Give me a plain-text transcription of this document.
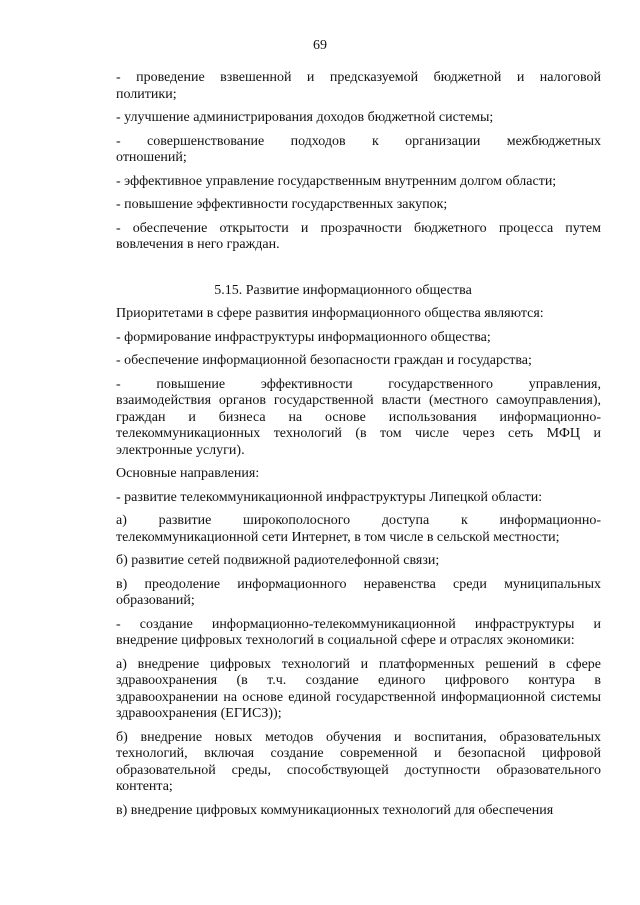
69
- проведение взвешенной и предсказуемой бюджетной и налоговой
политики;
- улучшение администрирования доходов бюджетной системы;
- совершенствование подходов к организации межбюджетных
отношений;
- эффективное управление государственным внутренним долгом области;
- повышение эффективности государственных закупок;
- обеспечение открытости и прозрачности бюджетного процесса путем
вовлечения в него граждан.
5.15. Развитие информационного общества
Приоритетами в сфере развития информационного общества являются:
- формирование инфраструктуры информационного общества;
- обеспечение информационной безопасности граждан и государства;
- повышение эффективности государственного управления,
взаимодействия органов государственной власти (местного самоуправления),
граждан и бизнеса на основе использования информационно-
телекоммуникационных технологий (в том числе через сеть МФЦ и
электронные услуги).
Основные направления:
- развитие телекоммуникационной инфраструктуры Липецкой области:
а) развитие широкополосного доступа к информационно-
телекоммуникационной сети Интернет, в том числе в сельской местности;
б) развитие сетей подвижной радиотелефонной связи;
в) преодоление информационного неравенства среди муниципальных
образований;
- создание информационно-телекоммуникационной инфраструктуры и
внедрение цифровых технологий в социальной сфере и отраслях экономики:
а) внедрение цифровых технологий и платформенных решений в сфере
здравоохранения (в т.ч. создание единого цифрового контура в
здравоохранении на основе единой государственной информационной системы
здравоохранения (ЕГИСЗ));
б) внедрение новых методов обучения и воспитания, образовательных
технологий, включая создание современной и безопасной цифровой
образовательной среды, способствующей доступности образовательного
контента;
в) внедрение цифровых коммуникационных технологий для обеспечения
